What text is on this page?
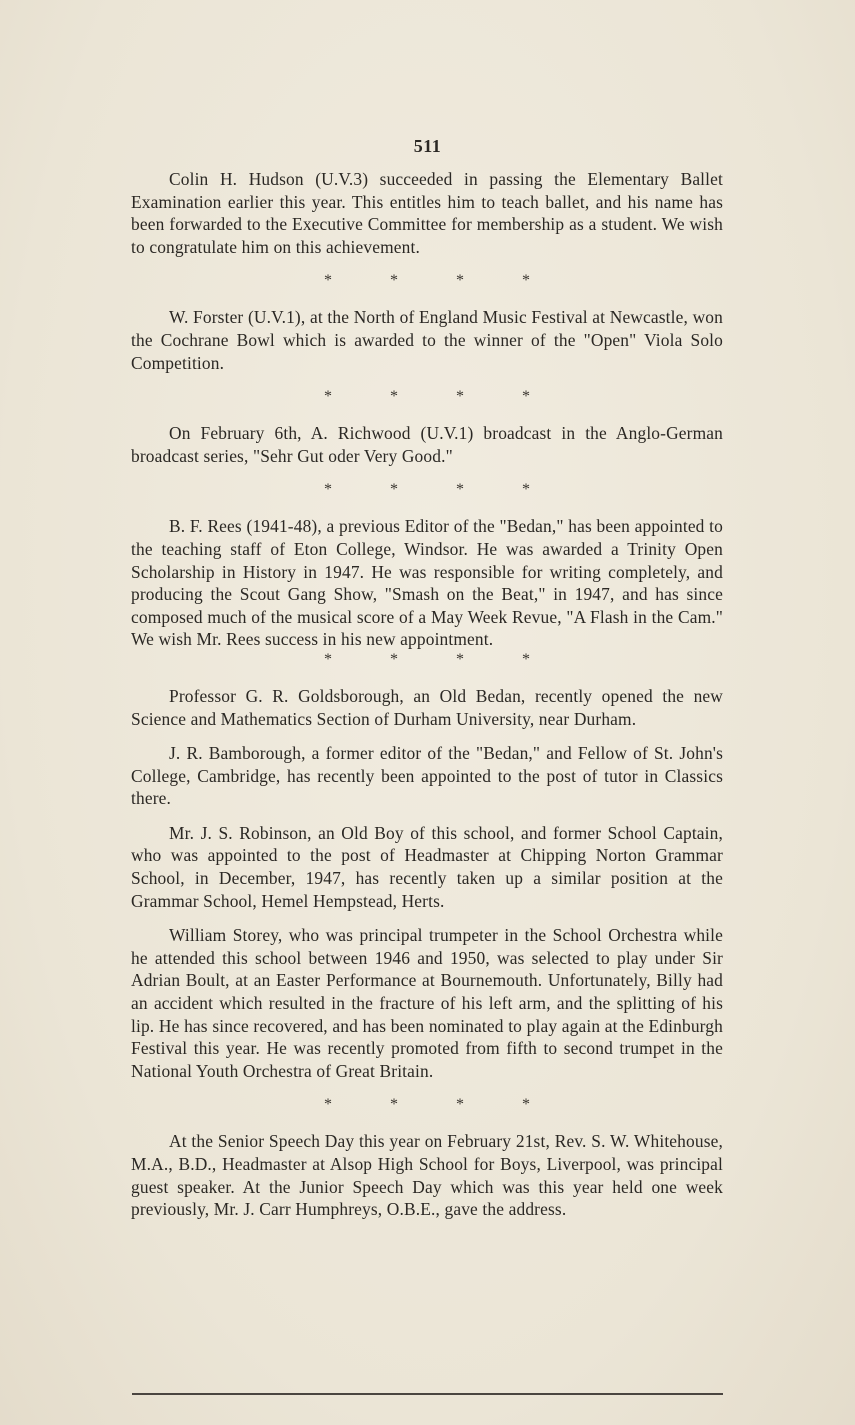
511

Colin H. Hudson (U.V.3) succeeded in passing the Elementary Ballet Examination earlier this year. This entitles him to teach ballet, and his name has been forwarded to the Executive Committee for membership as a student. We wish to congratulate him on this achievement.

*	*	*	*

W. Forster (U.V.1), at the North of England Music Festival at Newcastle, won the Cochrane Bowl which is awarded to the winner of the "Open" Viola Solo Competition.

*	*	*	*

On February 6th, A. Richwood (U.V.1) broadcast in the Anglo-German broadcast series, "Sehr Gut oder Very Good."

*	*	*	*

B. F. Rees (1941-48), a previous Editor of the "Bedan," has been appointed to the teaching staff of Eton College, Windsor. He was awarded a Trinity Open Scholarship in History in 1947. He was responsible for writing completely, and producing the Scout Gang Show, "Smash on the Beat," in 1947, and has since composed much of the musical score of a May Week Revue, "A Flash in the Cam." We wish Mr. Rees success in his new appointment.

*	*	*	*

Professor G. R. Goldsborough, an Old Bedan, recently opened the new Science and Mathematics Section of Durham University, near Durham.

J. R. Bamborough, a former editor of the "Bedan," and Fellow of St. John's College, Cambridge, has recently been appointed to the post of tutor in Classics there.

Mr. J. S. Robinson, an Old Boy of this school, and former School Captain, who was appointed to the post of Headmaster at Chipping Norton Grammar School, in December, 1947, has recently taken up a similar position at the Grammar School, Hemel Hempstead, Herts.

William Storey, who was principal trumpeter in the School Orchestra while he attended this school between 1946 and 1950, was selected to play under Sir Adrian Boult, at an Easter Performance at Bournemouth. Unfortunately, Billy had an accident which resulted in the fracture of his left arm, and the splitting of his lip. He has since recovered, and has been nominated to play again at the Edinburgh Festival this year. He was recently promoted from fifth to second trumpet in the National Youth Orchestra of Great Britain.

*	*	*	*

At the Senior Speech Day this year on February 21st, Rev. S. W. Whitehouse, M.A., B.D., Headmaster at Alsop High School for Boys, Liverpool, was principal guest speaker. At the Junior Speech Day which was this year held one week previously, Mr. J. Carr Humphreys, O.B.E., gave the address.
